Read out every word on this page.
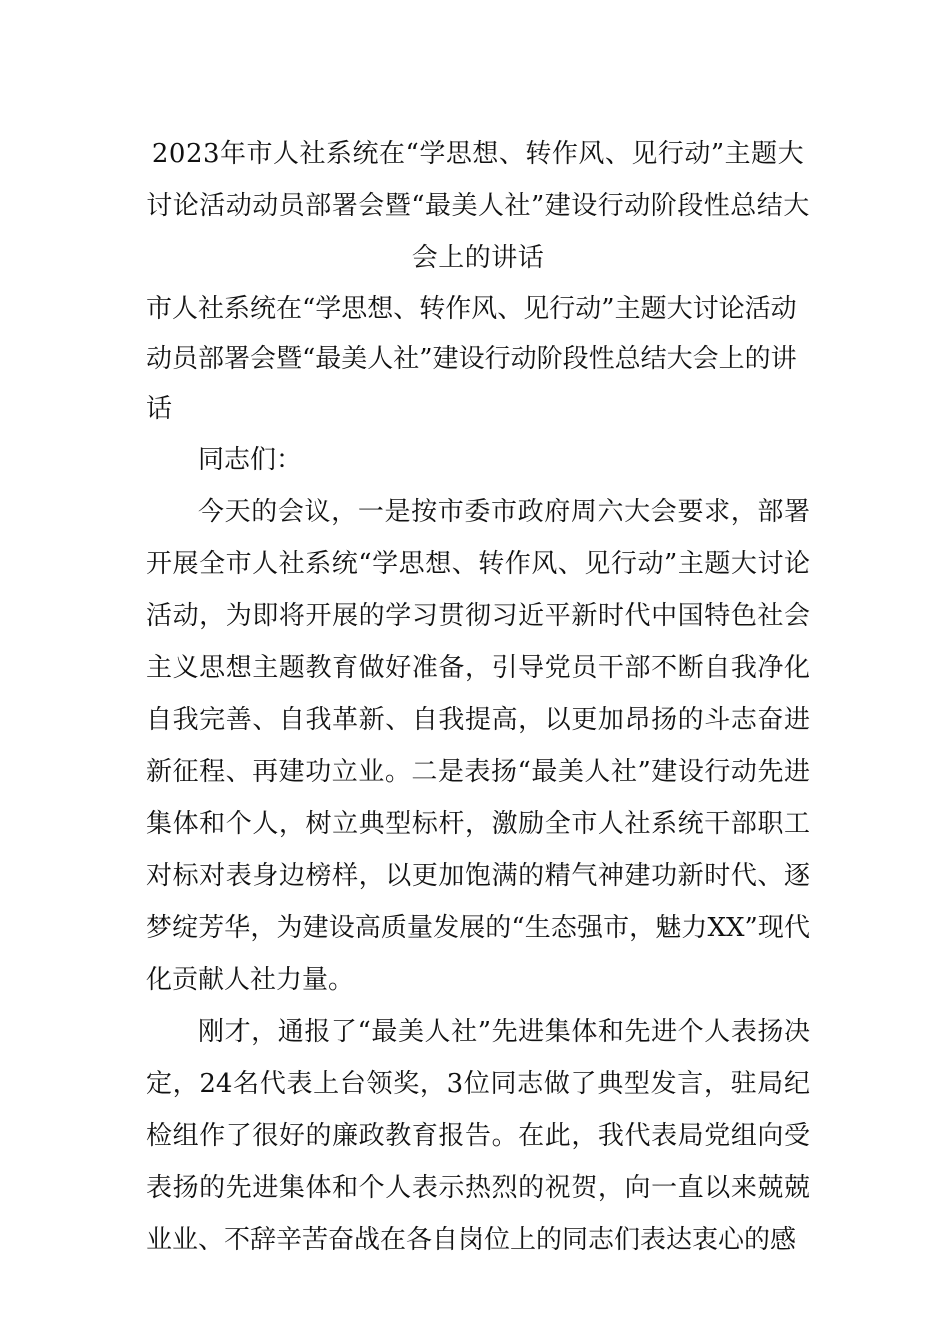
2023年市人社系统在“学思想、转作风、见行动”主题大讨论活动动员部署会暨“最美人社”建设行动阶段性总结大会上的讲话

市人社系统在“学思想、转作风、见行动”主题大讨论活动动员部署会暨“最美人社”建设行动阶段性总结大会上的讲话

同志们：

今天的会议，一是按市委市政府周六大会要求，部署开展全市人社系统“学思想、转作风、见行动”主题大讨论活动，为即将开展的学习贯彻习近平新时代中国特色社会主义思想主题教育做好准备，引导党员干部不断自我净化自我完善、自我革新、自我提高，以更加昂扬的斗志奋进新征程、再建功立业。二是表扬“最美人社”建设行动先进集体和个人，树立典型标杆，激励全市人社系统干部职工对标对表身边榜样，以更加饱满的精气神建功新时代、逐梦绽芳华，为建设高质量发展的“生态强市，魅力XX”现代化贡献人社力量。

刚才，通报了“最美人社”先进集体和先进个人表扬决定，24名代表上台领奖，3位同志做了典型发言，驻局纪检组作了很好的廉政教育报告。在此，我代表局党组向受表扬的先进集体和个人表示热烈的祝贺，向一直以来兢兢业业、不辞辛苦奋战在各自岗位上的同志们表达衷心的感
